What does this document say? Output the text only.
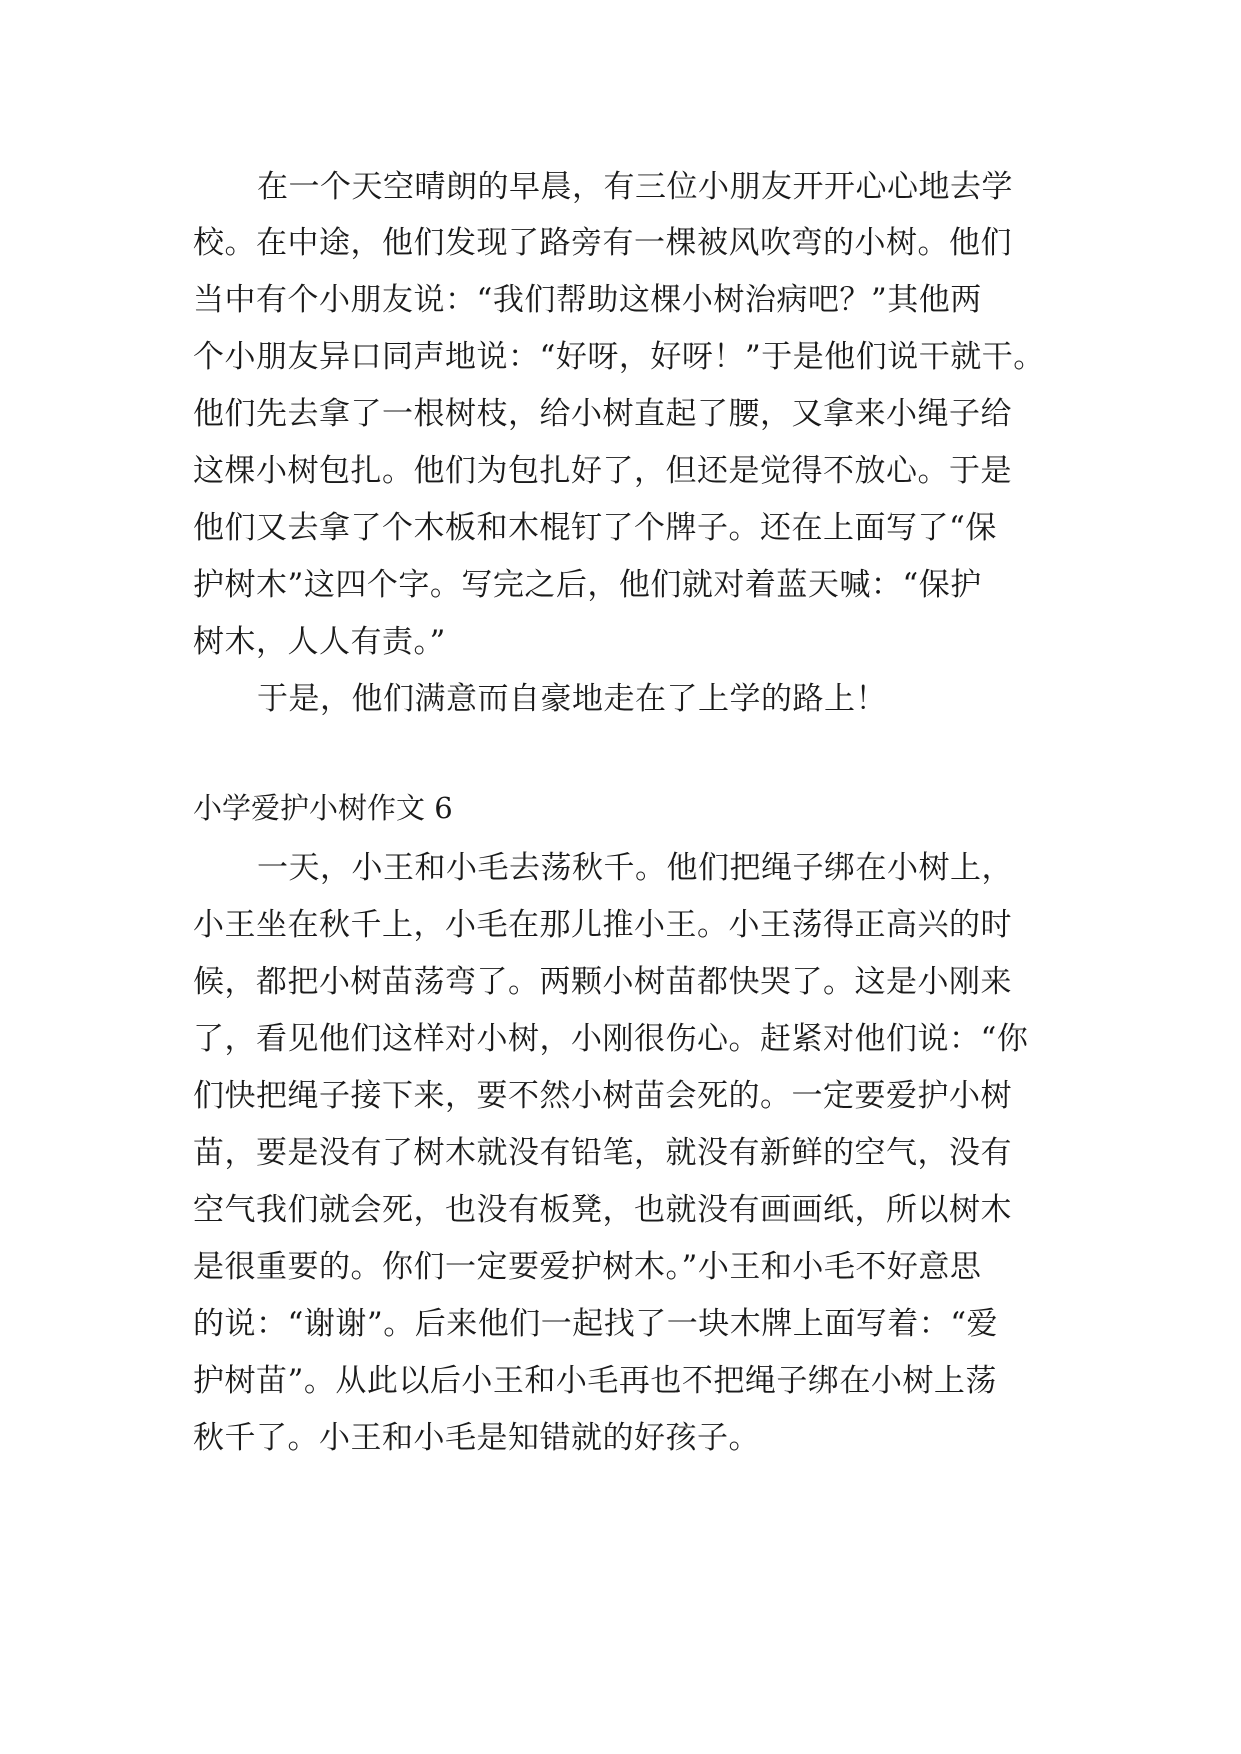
在一个天空晴朗的早晨，有三位小朋友开开心心地去学
校。在中途，他们发现了路旁有一棵被风吹弯的小树。他们
当中有个小朋友说：“我们帮助这棵小树治病吧？”其他两
个小朋友异口同声地说：“好呀，好呀！”于是他们说干就干。
他们先去拿了一根树枝，给小树直起了腰，又拿来小绳子给
这棵小树包扎。他们为包扎好了，但还是觉得不放心。于是
他们又去拿了个木板和木棍钉了个牌子。还在上面写了“保
护树木”这四个字。写完之后，他们就对着蓝天喊：“保护
树木，人人有责。”
于是，他们满意而自豪地走在了上学的路上！
小学爱护小树作文 6
一天，小王和小毛去荡秋千。他们把绳子绑在小树上，
小王坐在秋千上，小毛在那儿推小王。小王荡得正高兴的时
候，都把小树苗荡弯了。两颗小树苗都快哭了。这是小刚来
了，看见他们这样对小树，小刚很伤心。赶紧对他们说：“你
们快把绳子接下来，要不然小树苗会死的。一定要爱护小树
苗，要是没有了树木就没有铅笔，就没有新鲜的空气，没有
空气我们就会死，也没有板凳，也就没有画画纸，所以树木
是很重要的。你们一定要爱护树木。”小王和小毛不好意思
的说：“谢谢”。后来他们一起找了一块木牌上面写着：“爱
护树苗”。从此以后小王和小毛再也不把绳子绑在小树上荡
秋千了。小王和小毛是知错就的好孩子。
